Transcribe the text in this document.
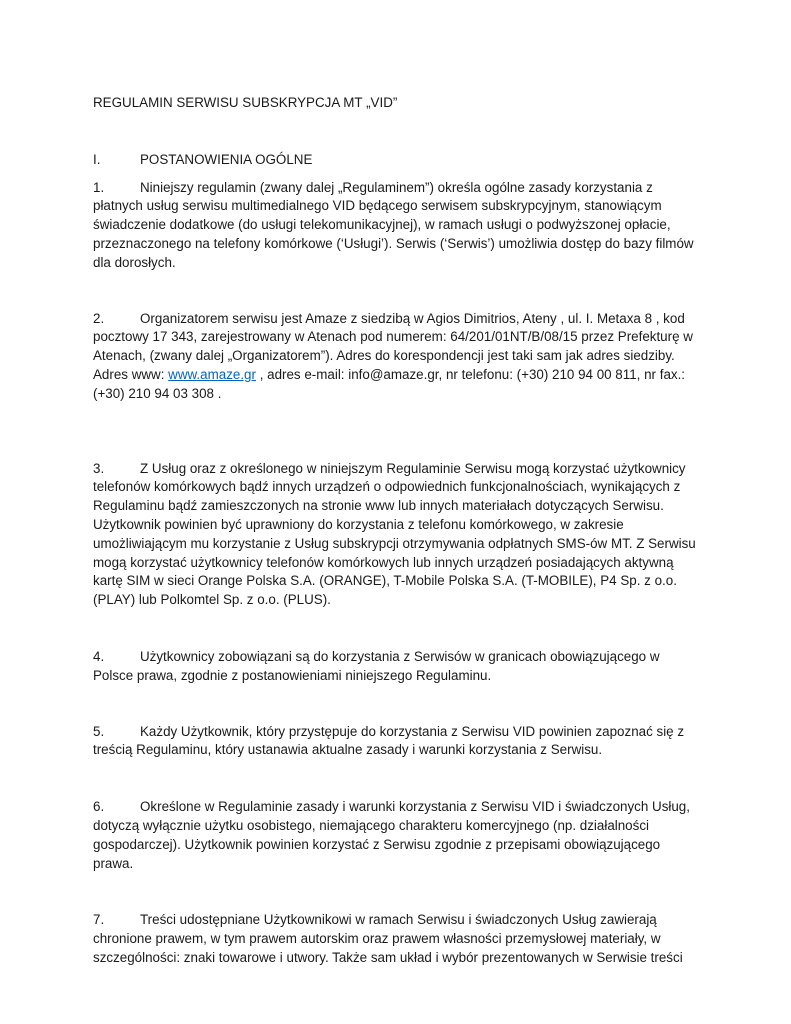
REGULAMIN SERWISU SUBSKRYPCJA MT „VID”
I.	POSTANOWIENIA OGÓLNE

1.	Niniejszy regulamin (zwany dalej „Regulaminem”) określa ogólne zasady korzystania z płatnych usług serwisu multimedialnego VID będącego serwisem subskrypcyjnym, stanowiącym świadczenie dodatkowe (do usługi telekomunikacyjnej), w ramach usługi o podwyższonej opłacie, przeznaczonego na telefony komórkowe (‘Usługi’). Serwis (‘Serwis’) umożliwia dostęp do bazy filmów dla dorosłych.

2.	Organizatorem serwisu jest Amaze z siedzibą w Agios Dimitrios, Ateny , ul. I. Metaxa 8 , kod pocztowy 17 343, zarejestrowany w Atenach pod numerem: 64/201/01NT/B/08/15 przez Prefekturę w Atenach, (zwany dalej „Organizatorem”). Adres do korespondencji jest taki sam jak adres siedziby. Adres www: www.amaze.gr , adres e-mail: info@amaze.gr, nr telefonu: (+30) 210 94 00 811, nr fax.: (+30) 210 94 03 308 .

3.	Z Usług oraz z określonego w niniejszym Regulaminie Serwisu mogą korzystać użytkownicy telefonów komórkowych bądź innych urządzeń o odpowiednich funkcjonalnościach, wynikających z Regulaminu bądź zamieszczonych na stronie www lub innych materiałach dotyczących Serwisu. Użytkownik powinien być uprawniony do korzystania z telefonu komórkowego, w zakresie umożliwiającym mu korzystanie z Usług subskrypcji otrzymywania odpłatnych SMS-ów MT. Z Serwisu mogą korzystać użytkownicy telefonów komórkowych lub innych urządzeń posiadających aktywną kartę SIM w sieci Orange Polska S.A. (ORANGE), T-Mobile Polska S.A. (T-MOBILE), P4 Sp. z o.o. (PLAY) lub Polkomtel Sp. z o.o. (PLUS).

4.	Użytkownicy zobowiązani są do korzystania z Serwisów w granicach obowiązującego w Polsce prawa, zgodnie z postanowieniami niniejszego Regulaminu.

5.	Każdy Użytkownik, który przystępuje do korzystania z Serwisu VID powinien zapoznać się z treścią Regulaminu, który ustanawia aktualne zasady i warunki korzystania z Serwisu.

6.	Określone w Regulaminie zasady i warunki korzystania z Serwisu VID i świadczonych Usług, dotyczą wyłącznie użytku osobistego, niemającego charakteru komercyjnego (np. działalności gospodarczej). Użytkownik powinien korzystać z Serwisu zgodnie z przepisami obowiązującego prawa.

7.	Treści udostępniane Użytkownikowi w ramach Serwisu i świadczonych Usług zawierają chronione prawem, w tym prawem autorskim oraz prawem własności przemysłowej materiały, w szczególności: znaki towarowe i utwory. Także sam układ i wybór prezentowanych w Serwisie treści
